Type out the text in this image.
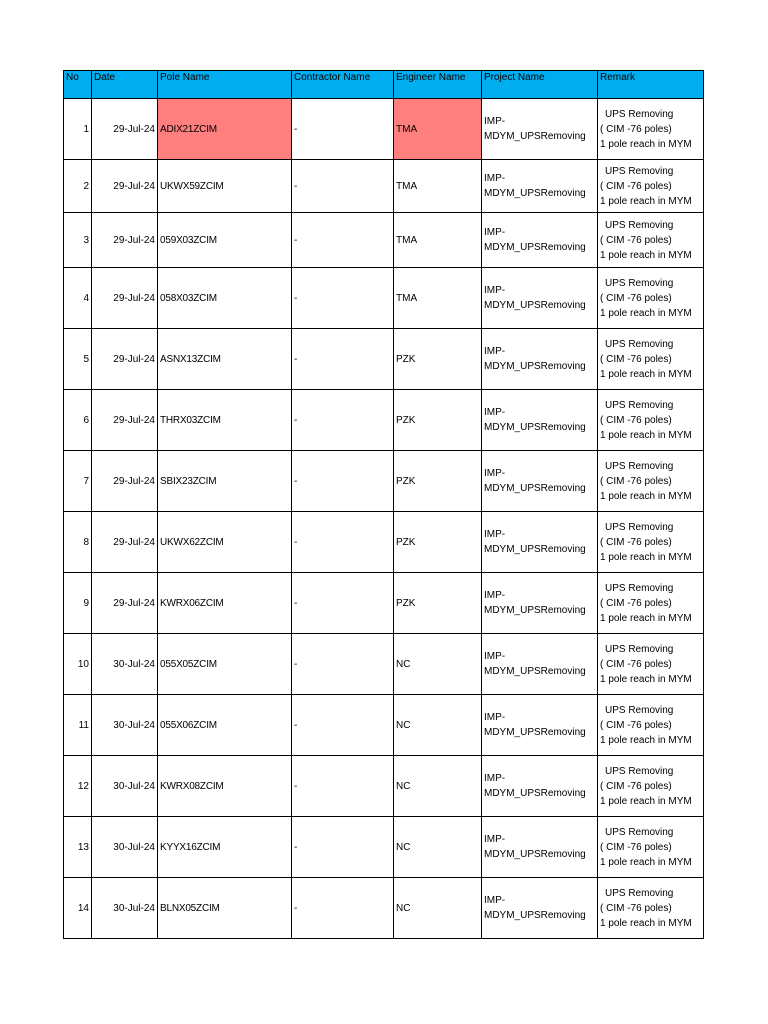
No	Date	Pole Name	Contractor Name	Engineer Name	Project Name	Remark
1	29-Jul-24	ADIX21ZCIM	-	TMA	IMP-
MDYM_UPSRemoving	UPS Removing
( CIM -76 poles)
1 pole reach in MYM

2	29-Jul-24	UKWX59ZCIM	-	TMA	IMP-
MDYM_UPSRemoving	UPS Removing
( CIM -76 poles)
1 pole reach in MYM

3	29-Jul-24	059X03ZCIM	-	TMA	IMP-
MDYM_UPSRemoving	UPS Removing
( CIM -76 poles)
1 pole reach in MYM

4	29-Jul-24	058X03ZCIM	-	TMA	IMP-
MDYM_UPSRemoving	UPS Removing
( CIM -76 poles)
1 pole reach in MYM

5	29-Jul-24	ASNX13ZCIM	-	PZK	IMP-
MDYM_UPSRemoving	UPS Removing
( CIM -76 poles)
1 pole reach in MYM

6	29-Jul-24	THRX03ZCIM	-	PZK	IMP-
MDYM_UPSRemoving	UPS Removing
( CIM -76 poles)
1 pole reach in MYM

7	29-Jul-24	SBIX23ZCIM	-	PZK	IMP-
MDYM_UPSRemoving	UPS Removing
( CIM -76 poles)
1 pole reach in MYM

8	29-Jul-24	UKWX62ZCIM	-	PZK	IMP-
MDYM_UPSRemoving	UPS Removing
( CIM -76 poles)
1 pole reach in MYM

9	29-Jul-24	KWRX06ZCIM	-	PZK	IMP-
MDYM_UPSRemoving	UPS Removing
( CIM -76 poles)
1 pole reach in MYM

10	30-Jul-24	055X05ZCIM	-	NC	IMP-
MDYM_UPSRemoving	UPS Removing
( CIM -76 poles)
1 pole reach in MYM

11	30-Jul-24	055X06ZCIM	-	NC	IMP-
MDYM_UPSRemoving	UPS Removing
( CIM -76 poles)
1 pole reach in MYM

12	30-Jul-24	KWRX08ZCIM	-	NC	IMP-
MDYM_UPSRemoving	UPS Removing
( CIM -76 poles)
1 pole reach in MYM

13	30-Jul-24	KYYX16ZCIM	-	NC	IMP-
MDYM_UPSRemoving	UPS Removing
( CIM -76 poles)
1 pole reach in MYM

14	30-Jul-24	BLNX05ZCIM	-	NC	IMP-
MDYM_UPSRemoving	UPS Removing
( CIM -76 poles)
1 pole reach in MYM
